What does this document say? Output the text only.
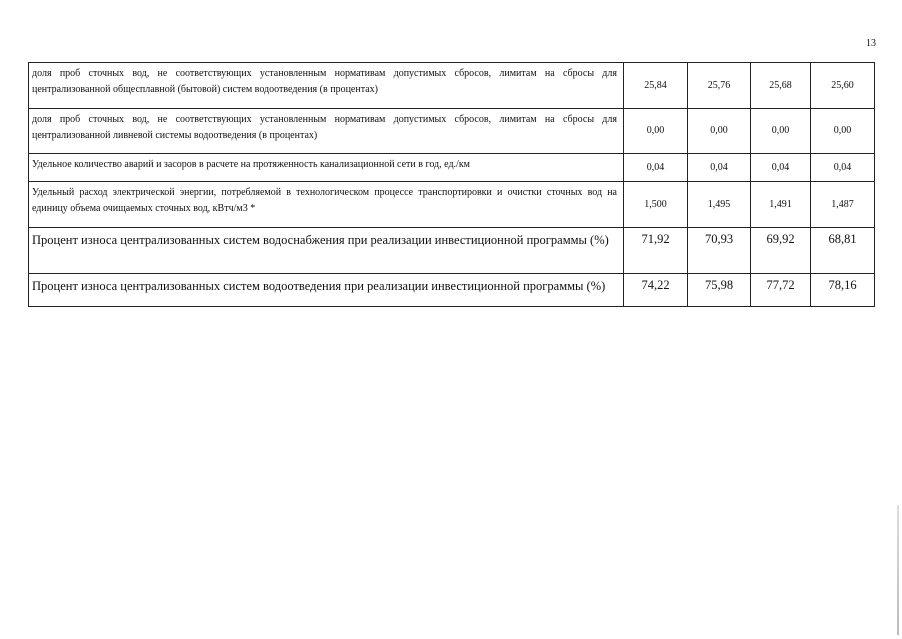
13
доля проб сточных вод, не соответствующих установленным нормативам допустимых сбросов, лимитам на сбросы для централизованной общесплавной (бытовой) систем водоотведения (в процентах)	25,84	25,76	25,68	25,60
доля проб сточных вод, не соответствующих установленным нормативам допустимых сбросов, лимитам на сбросы для централизованной ливневой системы водоотведения (в процентах)	0,00	0,00	0,00	0,00
Удельное количество аварий и засоров в расчете на протяженность канализационной сети в год, ед./км	0,04	0,04	0,04	0,04
Удельный расход электрической энергии, потребляемой в технологическом процессе транспортировки и очистки сточных вод на единицу объема очищаемых сточных вод, кВтч/м3 *	1,500	1,495	1,491	1,487
Процент износа централизованных систем водоснабжения при реализации инвестиционной программы (%)	71,92	70,93	69,92	68,81
Процент износа централизованных систем водоотведения при реализации инвестиционной программы (%)	74,22	75,98	77,72	78,16
